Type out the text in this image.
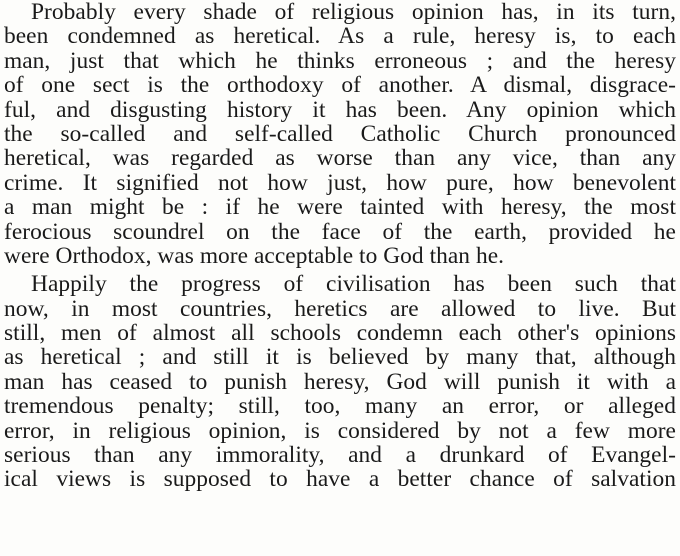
Probably every shade of religious opinion has, in its turn,
been condemned as heretical. As a rule, heresy is, to each
man, just that which he thinks erroneous ; and the heresy
of one sect is the orthodoxy of another. A dismal, disgrace-
ful, and disgusting history it has been. Any opinion which
the so-called and self-called Catholic Church pronounced
heretical, was regarded as worse than any vice, than any
crime. It signified not how just, how pure, how benevolent
a man might be : if he were tainted with heresy, the most
ferocious scoundrel on the face of the earth, provided he
were Orthodox, was more acceptable to God than he.
Happily the progress of civilisation has been such that
now, in most countries, heretics are allowed to live. But
still, men of almost all schools condemn each other's opinions
as heretical ; and still it is believed by many that, although
man has ceased to punish heresy, God will punish it with a
tremendous penalty; still, too, many an error, or alleged
error, in religious opinion, is considered by not a few more
serious than any immorality, and a drunkard of Evangel-
ical views is supposed to have a better chance of salvation
